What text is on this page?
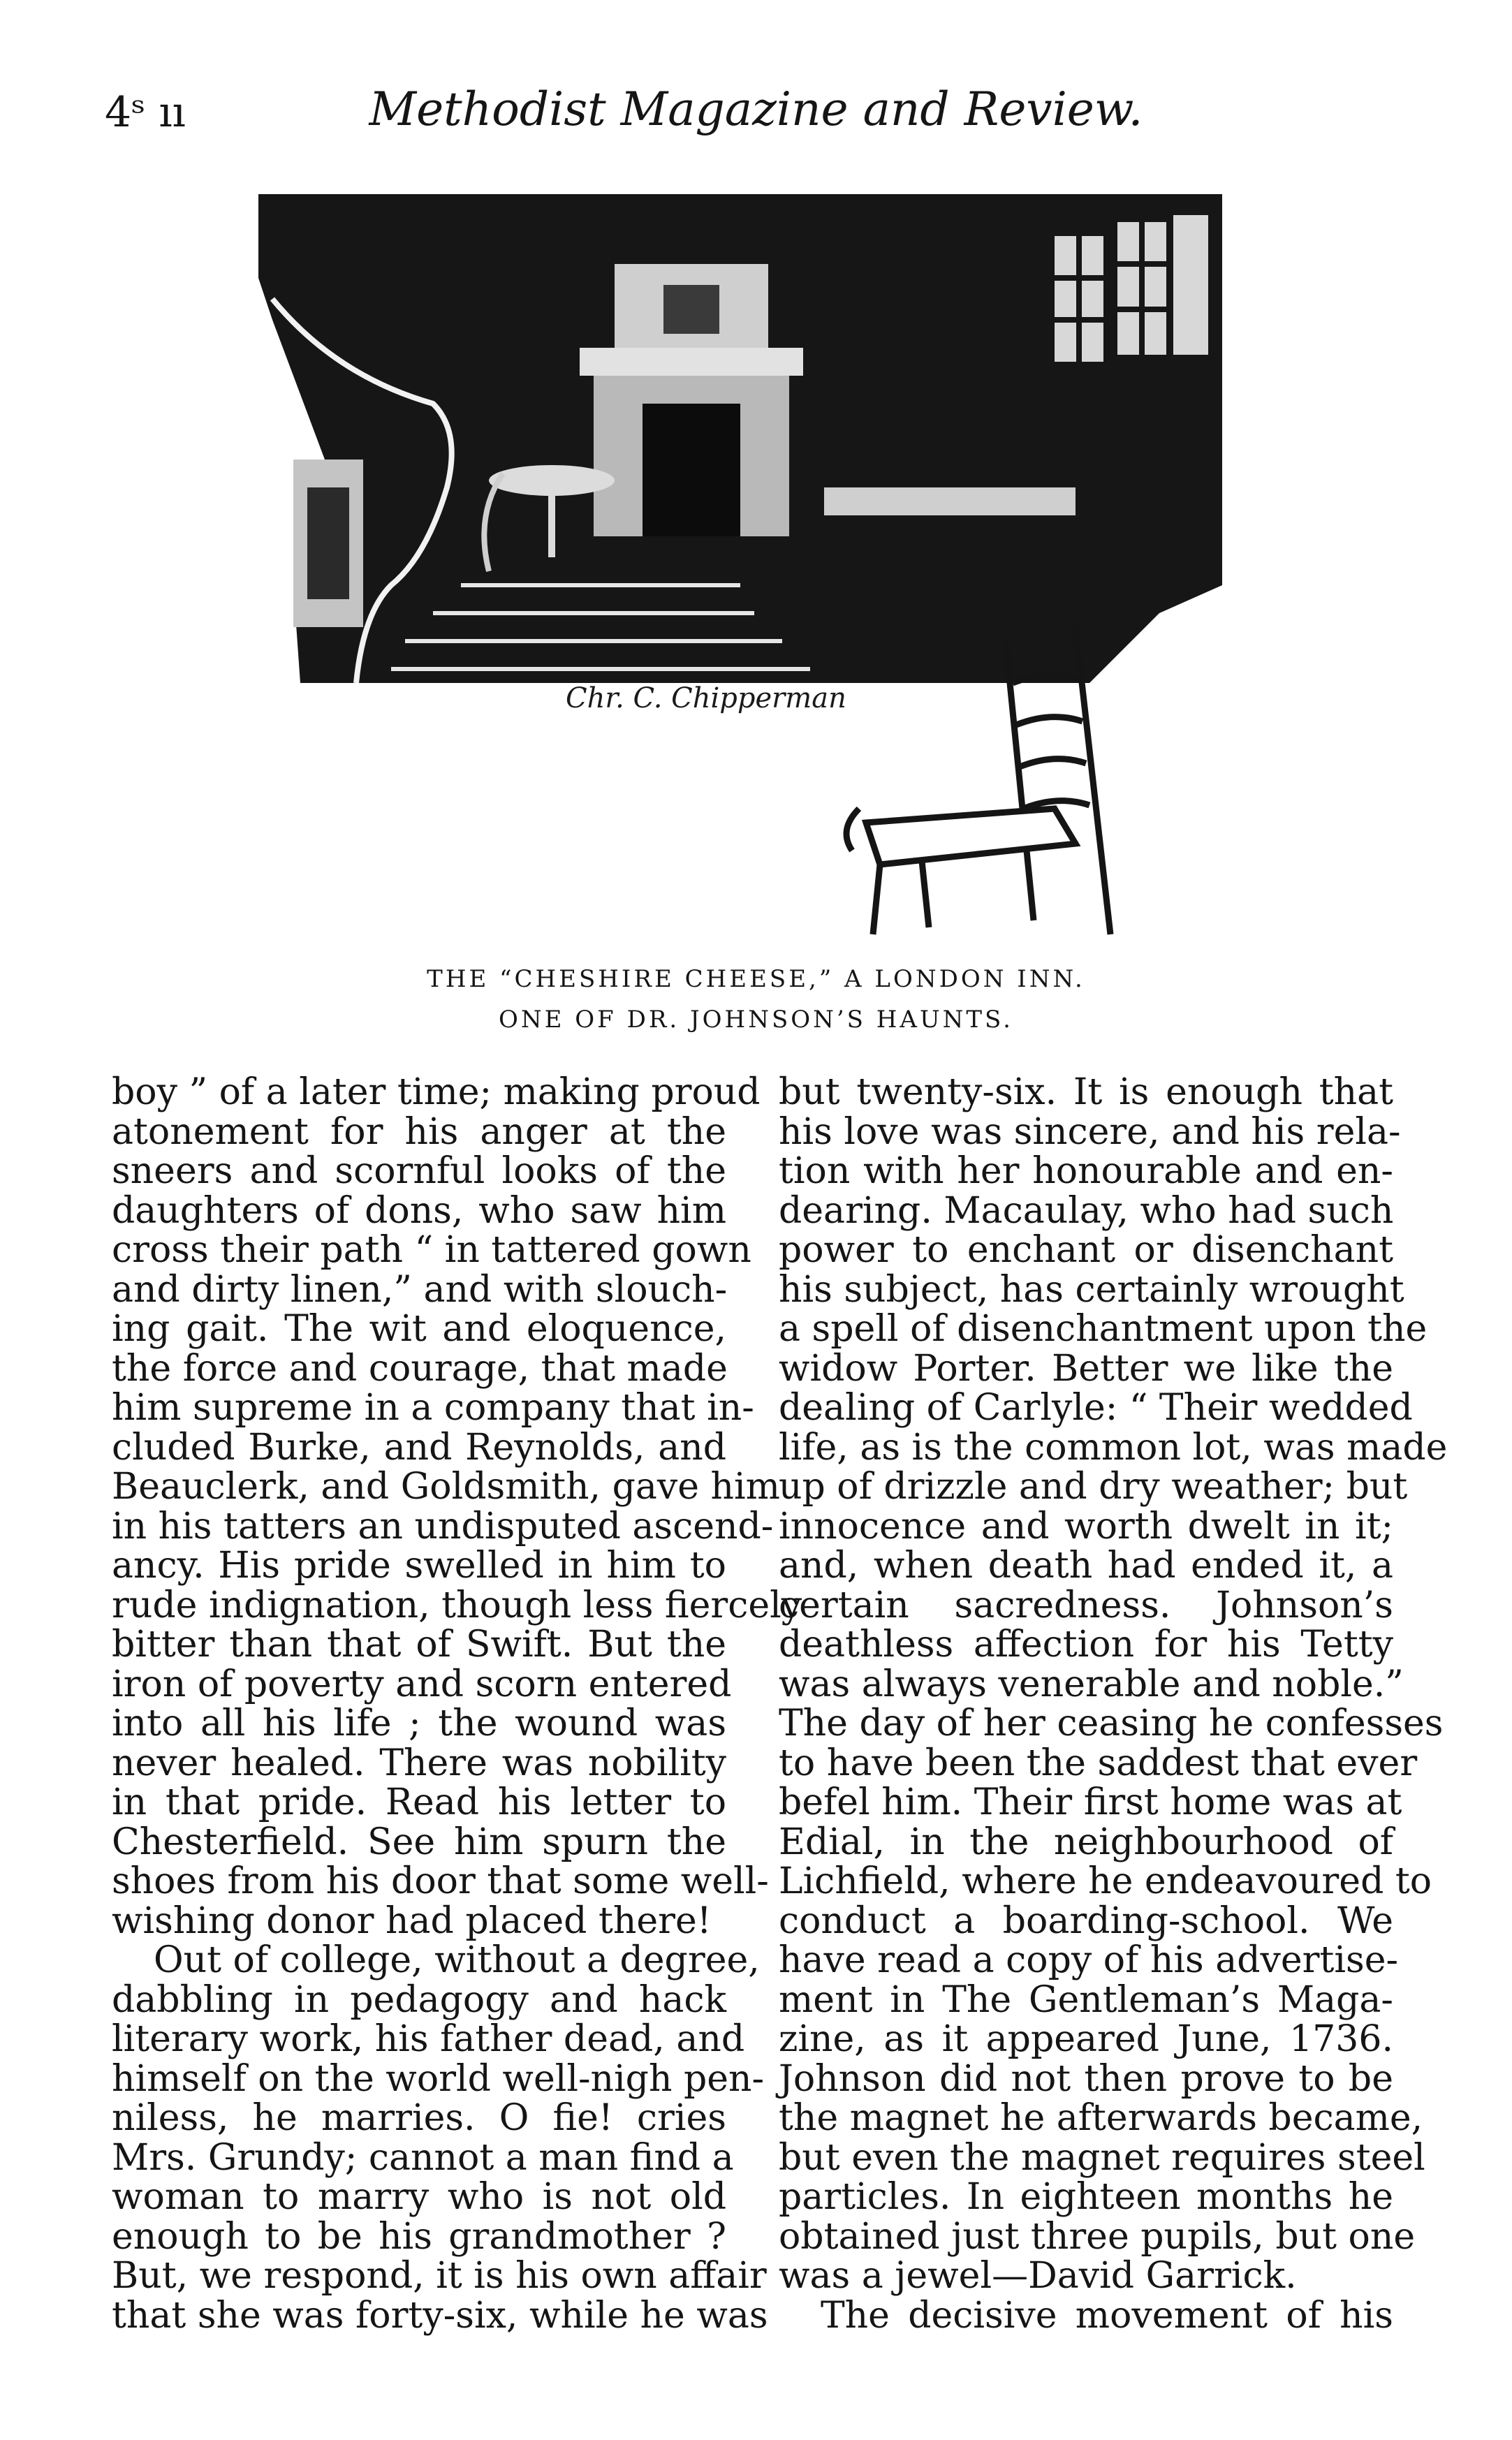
4ˢ ıı	Methodist Magazine and Review.
Chr. C. Chipperman
THE “CHESHIRE CHEESE,” A LONDON INN.
ONE OF DR. JOHNSON’S HAUNTS.
boy ” of a later time; making proud
atonement for his anger at the
sneers and scornful looks of the
daughters of dons, who saw him
cross their path “ in tattered gown
and dirty linen,” and with slouch-
ing gait. The wit and eloquence,
the force and courage, that made
him supreme in a company that in-
cluded Burke, and Reynolds, and
Beauclerk, and Goldsmith, gave him
in his tatters an undisputed ascend-
ancy. His pride swelled in him to
rude indignation, though less fiercely
bitter than that of Swift. But the
iron of poverty and scorn entered
into all his life ; the wound was
never healed. There was nobility
in that pride. Read his letter to
Chesterfield. See him spurn the
shoes from his door that some well-
wishing donor had placed there!
Out of college, without a degree,
dabbling in pedagogy and hack
literary work, his father dead, and
himself on the world well-nigh pen-
niless, he marries. O fie! cries
Mrs. Grundy; cannot a man find a
woman to marry who is not old
enough to be his grandmother ?
But, we respond, it is his own affair
that she was forty-six, while he was
but twenty-six. It is enough that
his love was sincere, and his rela-
tion with her honourable and en-
dearing. Macaulay, who had such
power to enchant or disenchant
his subject, has certainly wrought
a spell of disenchantment upon the
widow Porter. Better we like the
dealing of Carlyle: “ Their wedded
life, as is the common lot, was made
up of drizzle and dry weather; but
innocence and worth dwelt in it;
and, when death had ended it, a
certain sacredness. Johnson’s
deathless affection for his Tetty
was always venerable and noble.”
The day of her ceasing he confesses
to have been the saddest that ever
befel him. Their first home was at
Edial, in the neighbourhood of
Lichfield, where he endeavoured to
conduct a boarding-school. We
have read a copy of his advertise-
ment in The Gentleman’s Maga-
zine, as it appeared June, 1736.
Johnson did not then prove to be
the magnet he afterwards became,
but even the magnet requires steel
particles. In eighteen months he
obtained just three pupils, but one
was a jewel—David Garrick.
The decisive movement of his
